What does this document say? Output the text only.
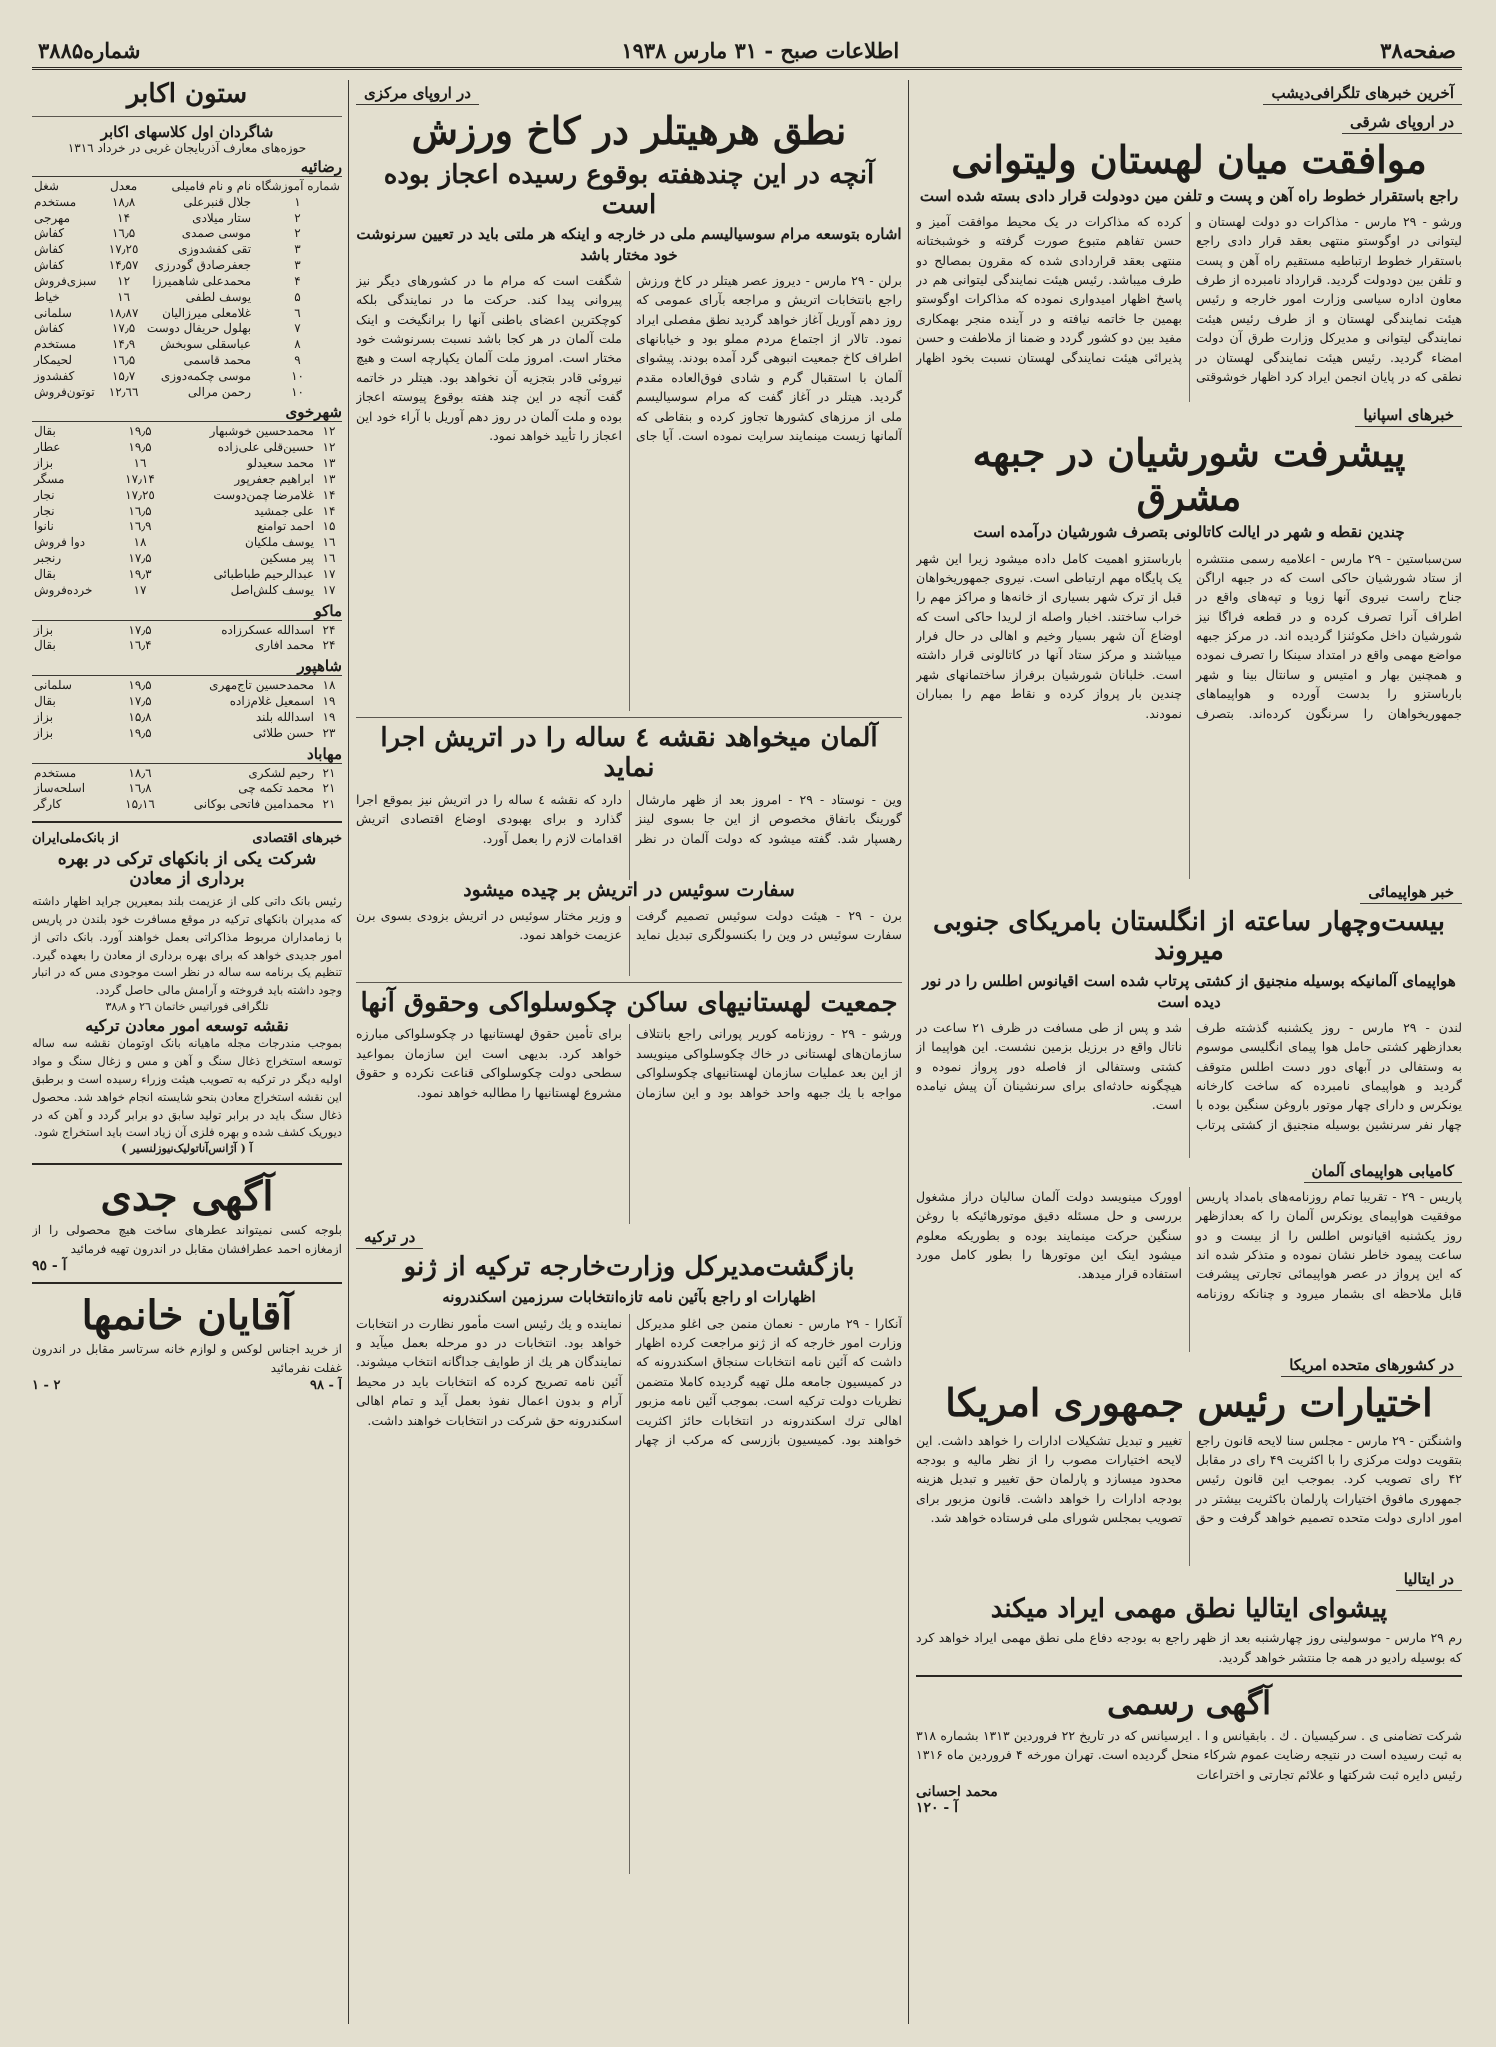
صفحه۳۸
اطلاعات صبح - ۳۱ مارس ۱۹۳۸
شماره۳۸۸۵
آخرین خبرهای تلگرافی‌دیشب
در اروپای شرقی
موافقت میان لهستان ولیتوانی
راجع باستقرار خطوط راه آهن و پست و تلفن مین دودولت قرار دادی بسته شده است
ورشو - ۲۹ مارس - مذاکرات دو دولت لهستان و لیتوانی در اوگوستو منتهی بعقد قرار دادی راجع باستقرار خطوط ارتباطیه مستقیم راه آهن و پست و تلفن بین دودولت گردید. قرارداد نامبرده از طرف معاون اداره سیاسی وزارت امور خارجه و رئیس هیئت نمایندگی لهستان و از طرف رئیس هیئت نمایندگی لیتوانی و مدیرکل وزارت طرق آن دولت امضاء گردید. رئیس هیئت نمایندگی لهستان در نطقی که در پایان انجمن ایراد کرد اظهار خوشوقتی کرده که مذاکرات در یک محیط موافقت آمیز و حسن تفاهم متبوع صورت گرفته و خوشبختانه منتهی بعقد قراردادی شده که مقرون بمصالح دو طرف میباشد. رئیس هیئت نمایندگی لیتوانی هم در پاسخ اظهار امیدواری نموده که مذاکرات اوگوستو بهمین جا خاتمه نیافته و در آینده منجر بهمکاری مفید بین دو کشور گردد و ضمنا از ملاطفت و حسن پذیرائی هیئت نمایندگی لهستان نسبت بخود اظهار
خبرهای اسپانیا
پیشرفت شورشیان در جبهه مشرق
چندین نقطه و شهر در ایالت کاتالونی بتصرف شورشیان درآمده است
سن‌سباستین - ۲۹ مارس - اعلامیه رسمی منتشره از ستاد شورشیان حاکی است که در جبهه اراگن جناح راست نیروی آنها زویا و تپه‌های واقع در اطراف آنرا تصرف کرده و در قطعه فراگا نیز شورشیان داخل مکوئنزا گردیده اند. در مرکز جبهه مواضع مهمی واقع در امتداد سینکا را تصرف نموده و همچنین بهار و امتیس و سانتال بینا و شهر بارباستزو را بدست آورده و هواپیماهای جمهوریخواهان را سرنگون کرده‌اند. بتصرف بارباستزو اهمیت کامل داده میشود زیرا این شهر یک پایگاه مهم ارتباطی است. نیروی جمهوریخواهان قبل از ترک شهر بسیاری از خانه‌ها و مراکز مهم را خراب ساختند. اخبار واصله از لریدا حاکی است که اوضاع آن شهر بسیار وخیم و اهالی در حال فرار میباشند و مرکز ستاد آنها در کاتالونی قرار داشته است. خلبانان شورشیان برفراز ساختمانهای شهر چندین بار پرواز کرده و نقاط مهم را بمباران نمودند.
خبر هواپیمائی
بیست‌وچهار ساعته از انگلستان بامریکای جنوبی میروند
هواپیمای آلمانیکه بوسیله منجنیق از کشتی پرتاب شده است اقیانوس اطلس را در نور دیده است
لندن - ۲۹ مارس - روز یکشنبه گذشته طرف بعدازظهر کشتی حامل هوا پیمای انگلیسی موسوم به وستفالی در آبهای دور دست اطلس متوقف گردید و هواپیمای نامبرده که ساخت کارخانه یونکرس و دارای چهار موتور باروغن سنگین بوده با چهار نفر سرنشین بوسیله منجنیق از کشتی پرتاب شد و پس از طی مسافت در ظرف ۲۱ ساعت در ناتال واقع در برزیل بزمین نشست. این هواپیما از کشتی وستفالی از فاصله دور پرواز نموده و هیچگونه حادثه‌ای برای سرنشینان آن پیش نیامده است.
کامیابی هواپیمای آلمان
پاریس - ۲۹ - تقریبا تمام روزنامه‌های بامداد پاریس موفقیت هواپیمای یونکرس آلمان را که بعدازظهر روز یکشنبه اقیانوس اطلس را از بیست و دو ساعت پیمود خاطر نشان نموده و متذکر شده اند که این پرواز در عصر هواپیمائی تجارتی پیشرفت قابل ملاحظه ای بشمار میرود و چنانکه روزنامه اوورک مینویسد دولت آلمان سالیان دراز مشغول بررسی و حل مسئله دقیق موتورهائیکه با روغن سنگین حرکت مینمایند بوده و بطوریکه معلوم میشود اینک این موتورها را بطور کامل مورد استفاده قرار میدهد.
در کشورهای متحده امریکا
اختیارات رئیس جمهوری امریکا
واشنگتن - ۲۹ مارس - مجلس سنا لایحه قانون راجع بتقویت دولت مرکزی را با اکثریت ۴۹ رای در مقابل ۴۲ رای تصویب کرد. بموجب این قانون رئیس جمهوری مافوق اختیارات پارلمان باکثریت بیشتر در امور اداری دولت متحده تصمیم خواهد گرفت و حق تغییر و تبدیل تشکیلات ادارات را خواهد داشت. این لایحه اختیارات مصوب را از نظر مالیه و بودجه محدود میسازد و پارلمان حق تغییر و تبدیل هزینه بودجه ادارات را خواهد داشت. قانون مزبور برای تصویب بمجلس شورای ملی فرستاده خواهد شد.
در ایتالیا
پیشوای ایتالیا نطق مهمی ایراد میکند
رم ۲۹ مارس - موسولینی روز چهارشنبه بعد از ظهر راجع به بودجه دفاع ملی نطق مهمی ایراد خواهد کرد که بوسیله رادیو در همه جا منتشر خواهد گردید.
آگهی رسمی
شرکت تضامنی ی . سرکیسیان . ك . بابقیانس و ا . ایرسیانس که در تاریخ ۲۲ فروردین ۱۳۱۳ بشماره ۳۱۸ به ثبت رسیده است در نتیجه رضایت عموم شرکاء منحل گردیده است. تهران مورخه ۴ فروردین ماه ۱۳۱۶ رئیس دایره ثبت شرکتها و علائم تجارتی و اختراعات
محمد احسانی
آ - ۱۲۰
در اروپای مرکزی
نطق هرهیتلر در کاخ ورزش
آنچه در این چندهفته بوقوع رسیده اعجاز بوده است
اشاره بتوسعه مرام سوسیالیسم ملی در خارجه و اینکه هر ملتی باید در تعیین سرنوشت خود مختار باشد
برلن - ۲۹ مارس - دیروز عصر هیتلر در کاخ ورزش راجع بانتخابات اتریش و مراجعه بآرای عمومی که روز دهم آوریل آغاز خواهد گردید نطق مفصلی ایراد نمود. تالار از اجتماع مردم مملو بود و خیابانهای اطراف کاخ جمعیت انبوهی گرد آمده بودند. پیشوای آلمان با استقبال گرم و شادی فوق‌العاده مقدم گردید. هیتلر در آغاز گفت که مرام سوسیالیسم ملی از مرزهای کشورها تجاوز کرده و بنقاطی که آلمانها زیست مینمایند سرایت نموده است. آیا جای شگفت است که مرام ما در کشورهای دیگر نیز پیروانی پیدا کند. حرکت ما در نمایندگی بلکه کوچکترین اعضای باطنی آنها را برانگیخت و اینک ملت آلمان در هر کجا باشد نسبت بسرنوشت خود مختار است. امروز ملت آلمان یکپارچه است و هیچ نیروئی قادر بتجزیه آن نخواهد بود. هیتلر در خاتمه گفت آنچه در این چند هفته بوقوع پیوسته اعجاز بوده و ملت آلمان در روز دهم آوریل با آراء خود این اعجاز را تأیید خواهد نمود.
آلمان میخواهد نقشه ٤ ساله را در اتریش اجرا نماید
وین - نوستاد - ۲۹ - امروز بعد از ظهر مارشال گورینگ باتفاق مخصوص از این جا بسوی لینز رهسپار شد. گفته میشود که دولت آلمان در نظر دارد که نقشه ٤ ساله را در اتریش نیز بموقع اجرا گذارد و برای بهبودی اوضاع اقتصادی اتریش اقدامات لازم را بعمل آورد.
سفارت سوئیس در اتریش بر چیده میشود
برن - ۲۹ - هیئت دولت سوئیس تصمیم گرفت سفارت سوئیس در وین را بکنسولگری تبدیل نماید و وزیر مختار سوئیس در اتریش بزودی بسوی برن عزیمت خواهد نمود.
جمعیت لهستانیهای ساکن چکوسلواکی وحقوق آنها
ورشو - ۲۹ - روزنامه کوریر پورانی راجع بانتلاف سازمان‌های لهستانی در خاك چکوسلواکی مینویسد از این بعد عملیات سازمان لهستانیهای چکوسلواکی مواجه با یك جبهه واحد خواهد بود و این سازمان برای تأمین حقوق لهستانیها در چکوسلواکی مبارزه خواهد کرد. بدیهی است این سازمان بمواعید سطحی دولت چکوسلواکی قناعت نکرده و حقوق مشروع لهستانیها را مطالبه خواهد نمود.
در ترکیه
بازگشت‌مدیرکل وزارت‌خارجه ترکیه از ژنو
اظهارات او راجع بآئین نامه تازه‌انتخابات سرزمین اسکندرونه
آنکارا - ۲۹ مارس - نعمان منمن جی اغلو مدیرکل وزارت امور خارجه که از ژنو مراجعت کرده اظهار داشت که آئین نامه انتخابات سنجاق اسکندرونه که در کمیسیون جامعه ملل تهیه گردیده کاملا متضمن نظریات دولت ترکیه است. بموجب آئین نامه مزبور اهالی ترك اسکندرونه در انتخابات حائز اکثریت خواهند بود. کمیسیون بازرسی که مرکب از چهار نماینده و یك رئیس است مأمور نظارت در انتخابات خواهد بود. انتخابات در دو مرحله بعمل میآید و نمایندگان هر یك از طوایف جداگانه انتخاب میشوند. آئین نامه تصریح کرده که انتخابات باید در محیط آرام و بدون اعمال نفوذ بعمل آید و تمام اهالی اسکندرونه حق شرکت در انتخابات خواهند داشت.
ستون اکابر
شاگردان اول کلاسهای اکابر
حوزه‌های معارف آذربایجان غربی در خرداد ۱۳۱٦
رضائیه
شماره آموزشگاه	نام و نام فامیلی	معدل	شغل
۱	جلال قنبرعلی	۱۸٫۸	مستخدم
۲	ستار میلادی	۱۴	مهرجی
۲	موسی صمدی	۱٦٫۵	کفاش
۳	تقی کفشدوزی	۱۷٫۲٥	کفاش
۳	جعفرصادق گودرزی	۱۴٫۵۷	کفاش
۴	محمدعلی شاهمیرزا	۱۲	سبزی‌فروش
۵	یوسف لطفی	۱٦	خیاط
٦	غلامعلی میرزالیان	۱۸٫۸۷	سلمانی
۷	بهلول حریفال دوست	۱۷٫۵	کفاش
۸	عباسقلی سوبخش	۱۴٫۹	مستخدم
۹	محمد قاسمی	۱٦٫۵	لحیمکار
۱۰	موسی چکمه‌دوزی	۱۵٫۷	کفشدوز
۱۰	رحمن مرالی	۱۲٫٦٦	توتون‌فروش
شهرخوی
۱۲	محمدحسین خوشبهار	۱۹٫۵	بقال
۱۲	حسین‌قلی علی‌زاده	۱۹٫۵	عطار
۱۳	محمد سعیدلو	۱٦	بزاز
۱۳	ابراهیم جعفرپور	۱۷٫۱۴	مسگر
۱۴	غلامرضا چمن‌دوست	۱۷٫۲٥	نجار
۱۴	علی جمشید	۱٦٫۵	نجار
۱۵	احمد توامنع	۱٦٫۹	نانوا
۱٦	یوسف ملکیان	۱۸	دوا فروش
۱٦	پیر مسکین	۱۷٫۵	رنجبر
۱۷	عبدالرحیم طباطبائی	۱۹٫۳	بقال
۱۷	یوسف کلش‌اصل	۱۷	خرده‌فروش
ماکو
۲۴	اسدالله عسکرزاده	۱۷٫۵	بزاز
۲۴	محمد افاری	۱٦٫۴	بقال
شاهپور
۱۸	محمدحسین تاج‌مهری	۱۹٫۵	سلمانی
۱۹	اسمعیل غلام‌زاده	۱۷٫۵	بقال
۱۹	اسدالله بلند	۱۵٫۸	بزاز
۲۳	حسن طلائی	۱۹٫۵	بزاز
مهاباد
۲۱	رحیم لشکری	۱۸٫٦	مستخدم
۲۱	محمد تکمه چی	۱٦٫۸	اسلحه‌ساز
۲۱	محمدامین فاتحی بوکانی	۱۵٫۱٦	کارگر
خبرهای اقتصادی
از بانک‌ملی‌ایران
شرکت یکی از بانکهای ترکی در بهره برداری از معادن
رئیس بانک داتی کلی از عزیمت بلند بمعیرین جراید اظهار داشته که مدیران بانکهای ترکیه در موقع مسافرت خود بلندن در پاریس با زمامداران مربوط مذاکراتی بعمل خواهند آورد. بانک داتی از امور جدیدی خواهد که برای بهره برداری از معادن را بعهده گیرد. تنظیم یک برنامه سه ساله در نظر است موجودی مس که در انبار وجود داشته باید فروخته و آرامش مالی حاصل گردد.
تلگرافی فوراتیس خاتمان ۲٦ و ۳۸٫۸
نقشه توسعه امور معادن ترکیه
بموجب مندرجات مجله ماهیانه بانک اوتومان نقشه سه ساله توسعه استخراج ذغال سنگ و آهن و مس و زغال سنگ و مواد اولیه دیگر در ترکیه به تصویب هیئت وزراء رسیده است و برطبق این نقشه استخراج معادن بنحو شایسته انجام خواهد شد. محصول ذغال سنگ باید در برابر تولید سابق دو برابر گردد و آهن که در دیوریک کشف شده و بهره فلزی آن زیاد است باید استخراج شود.
آ ( آژانس‌آناتولیک‌نیوزلنسیر )
آگهی جدی
بلوجه کسی نمیتواند عطرهای ساخت هیچ محصولی را از ازمغازه احمد عطرافشان مقابل در اندرون تهیه فرمائید
آ - ۹٥
آقایان خانمها
از خرید اجناس لوکس و لوازم خانه سرتاسر مقابل در اندرون غفلت نفرمائید
آ - ۹۸
۲ - ۱
